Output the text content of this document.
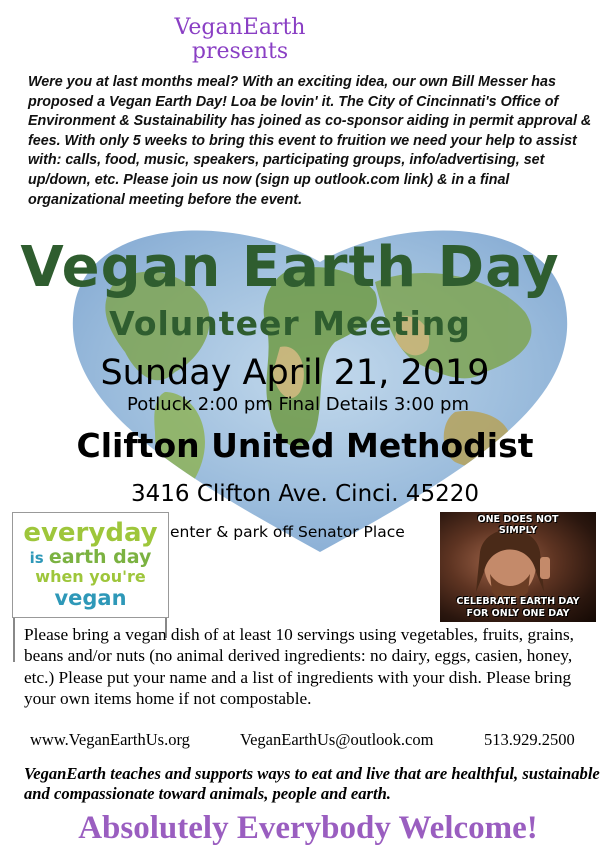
VeganEarth
presents
Were you at last months meal? With an exciting idea, our own Bill Messer has proposed a Vegan Earth Day! Loa be lovin' it. The City of Cincinnati's Office of Environment & Sustainability has joined as co-sponsor aiding in permit approval & fees. With only 5 weeks to bring this event to fruition we need your help to assist with: calls, food, music, speakers, participating groups, info/advertising, set up/down, etc. Please join us now (sign up outlook.com link) & in a final organizational meeting before the event.
Vegan Earth Day
Volunteer Meeting
Sunday April 21, 2019
Potluck 2:00 pm Final Details 3:00 pm
Clifton United Methodist
3416 Clifton Ave. Cinci. 45220
enter & park off Senator Place
everyday
is earth day
when you're
vegan
ONE DOES NOT
SIMPLY
CELEBRATE EARTH DAY
FOR ONLY ONE DAY
Please bring a vegan dish of at least 10 servings using vegetables, fruits, grains, beans and/or nuts (no animal derived ingredients: no dairy, eggs, casien, honey, etc.) Please put your name and a list of ingredients with your dish. Please bring your own items home if not compostable.
www.VeganEarthUs.org	VeganEarthUs@outlook.com	513.929.2500
VeganEarth teaches and supports ways to eat and live that are healthful, sustainable and compassionate toward animals, people and earth.
Absolutely Everybody Welcome!
